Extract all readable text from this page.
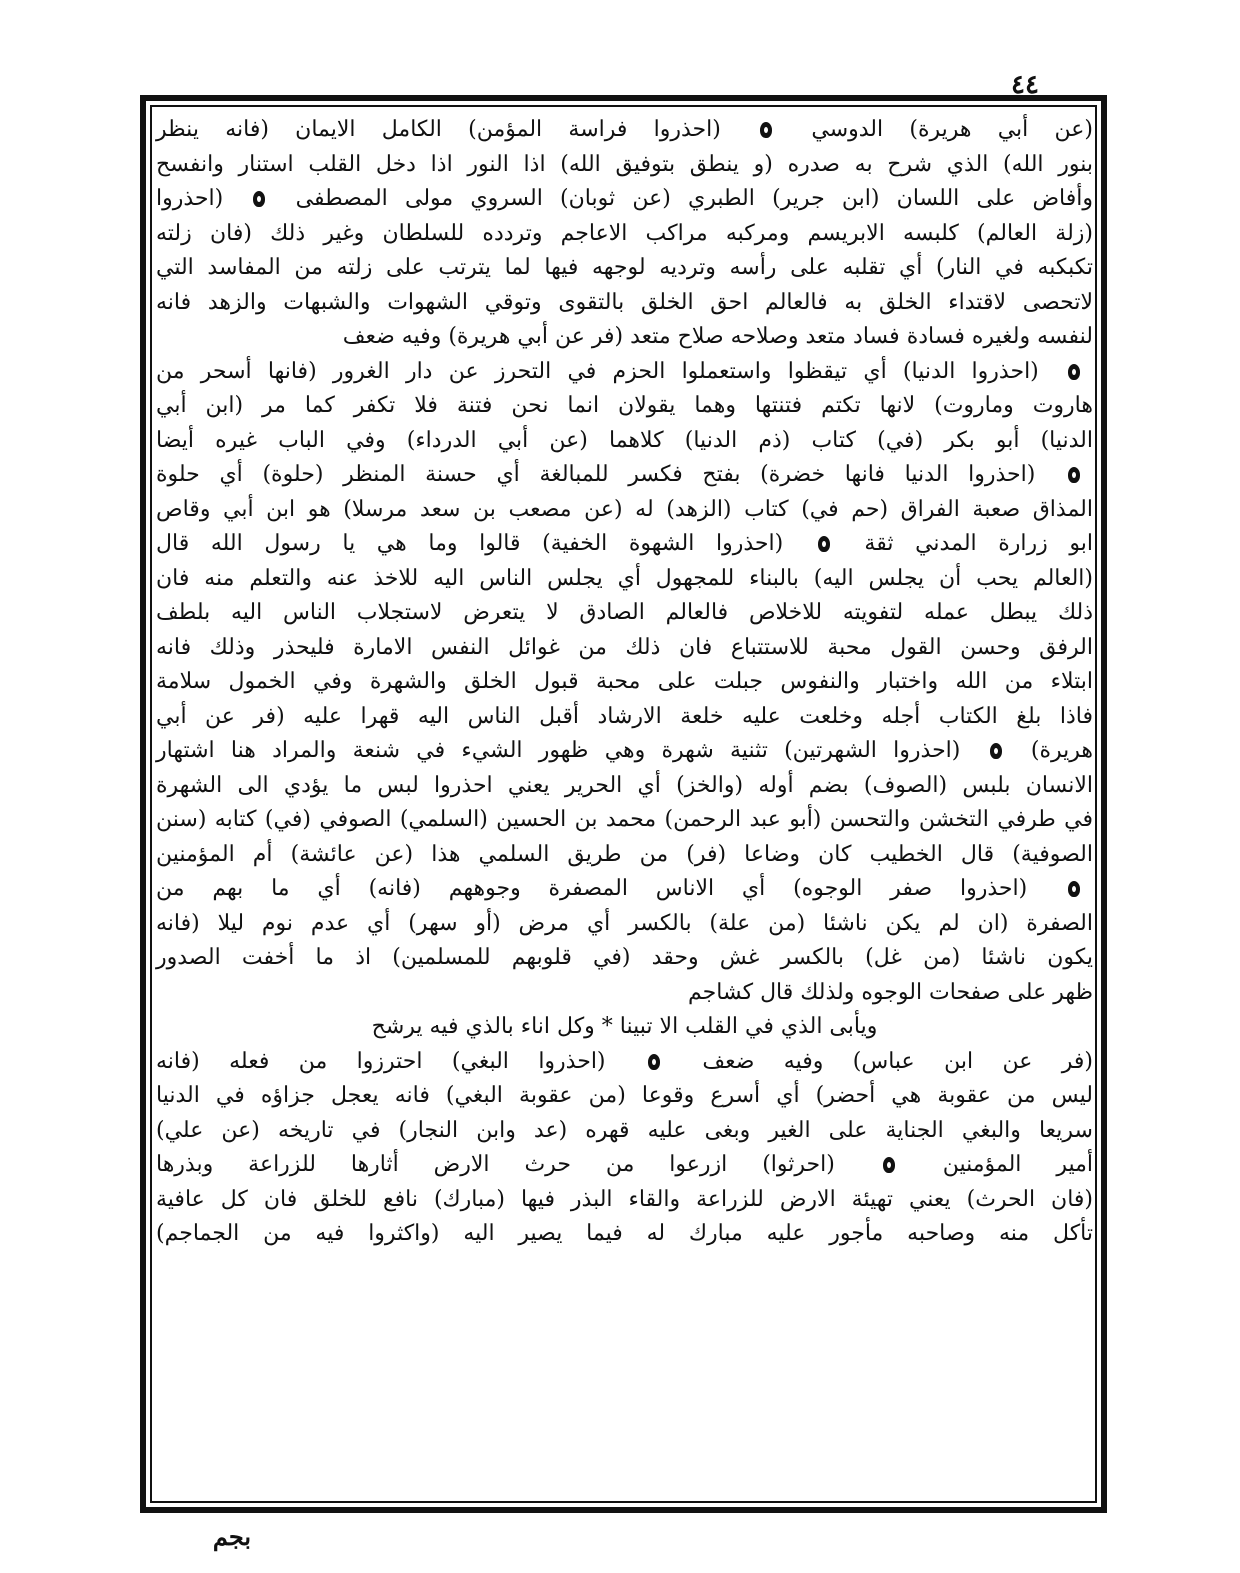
٤٤
(عن أبي هريرة) الدوسي  (احذروا فراسة المؤمن) الكامل الايمان (فانه ينظر
بنور الله) الذي شرح به صدره (و ينطق بتوفيق الله) اذا النور اذا دخل القلب استنار وانفسح
وأفاض على اللسان (ابن جرير) الطبري (عن ثوبان) السروي مولى المصطفى  (احذروا
(زلة العالم) كلبسه الابريسم ومركبه مراكب الاعاجم وتردده للسلطان وغير ذلك (فان زلته
تكبكبه في النار) أي تقلبه على رأسه وترديه لوجهه فيها لما يترتب على زلته من المفاسد التي
لاتحصى لاقتداء الخلق به فالعالم احق الخلق بالتقوى وتوقي الشهوات والشبهات والزهد فانه
لنفسه ولغيره فسادة فساد متعد وصلاحه صلاح متعد (فر عن أبي هريرة) وفيه ضعف
(احذروا الدنيا) أي تيقظوا واستعملوا الحزم في التحرز عن دار الغرور (فانها أسحر من
هاروت وماروت) لانها تكتم فتنتها وهما يقولان انما نحن فتنة فلا تكفر كما مر (ابن أبي
الدنيا) أبو بكر (في) كتاب (ذم الدنيا) كلاهما (عن أبي الدرداء) وفي الباب غيره أيضا
(احذروا الدنيا فانها خضرة) بفتح فكسر للمبالغة أي حسنة المنظر (حلوة) أي حلوة
المذاق صعبة الفراق (حم في) كتاب (الزهد) له (عن مصعب بن سعد مرسلا) هو ابن أبي وقاص
ابو زرارة المدني ثقة  (احذروا الشهوة الخفية) قالوا وما هي يا رسول الله قال
(العالم يحب أن يجلس اليه) بالبناء للمجهول أي يجلس الناس اليه للاخذ عنه والتعلم منه فان
ذلك يبطل عمله لتفويته للاخلاص فالعالم الصادق لا يتعرض لاستجلاب الناس اليه بلطف
الرفق وحسن القول محبة للاستتباع فان ذلك من غوائل النفس الامارة فليحذر وذلك فانه
ابتلاء من الله واختبار والنفوس جبلت على محبة قبول الخلق والشهرة وفي الخمول سلامة
فاذا بلغ الكتاب أجله وخلعت عليه خلعة الارشاد أقبل الناس اليه قهرا عليه (فر عن أبي
هريرة)  (احذروا الشهرتين) تثنية شهرة وهي ظهور الشيء في شنعة والمراد هنا اشتهار
الانسان بلبس (الصوف) بضم أوله (والخز) أي الحرير يعني احذروا لبس ما يؤدي الى الشهرة
في طرفي التخشن والتحسن (أبو عبد الرحمن) محمد بن الحسين (السلمي) الصوفي (في) كتابه (سنن
الصوفية) قال الخطيب كان وضاعا (فر) من طريق السلمي هذا (عن عائشة) أم المؤمنين
(احذروا صفر الوجوه) أي الاناس المصفرة وجوههم (فانه) أي ما بهم من
الصفرة (ان لم يكن ناشئا (من علة) بالكسر أي مرض (أو سهر) أي عدم نوم ليلا (فانه
يكون ناشئا (من غل) بالكسر غش وحقد (في قلوبهم للمسلمين) اذ ما أخفت الصدور
ظهر على صفحات الوجوه ولذلك قال كشاجم
ويأبى الذي في القلب الا تبينا * وكل اناء بالذي فيه يرشح
(فر عن ابن عباس) وفيه ضعف  (احذروا البغي) احترزوا من فعله (فانه
ليس من عقوبة هي أحضر) أي أسرع وقوعا (من عقوبة البغي) فانه يعجل جزاؤه في الدنيا
سريعا والبغي الجناية على الغير وبغى عليه قهره (عد وابن النجار) في تاريخه (عن علي)
أمير المؤمنين  (احرثوا) ازرعوا من حرث الارض أثارها للزراعة وبذرها
(فان الحرث) يعني تهيئة الارض للزراعة والقاء البذر فيها (مبارك) نافع للخلق فان كل عافية
تأكل منه وصاحبه مأجور عليه مبارك له فيما يصير اليه (واكثروا فيه من الجماجم)
بجم
